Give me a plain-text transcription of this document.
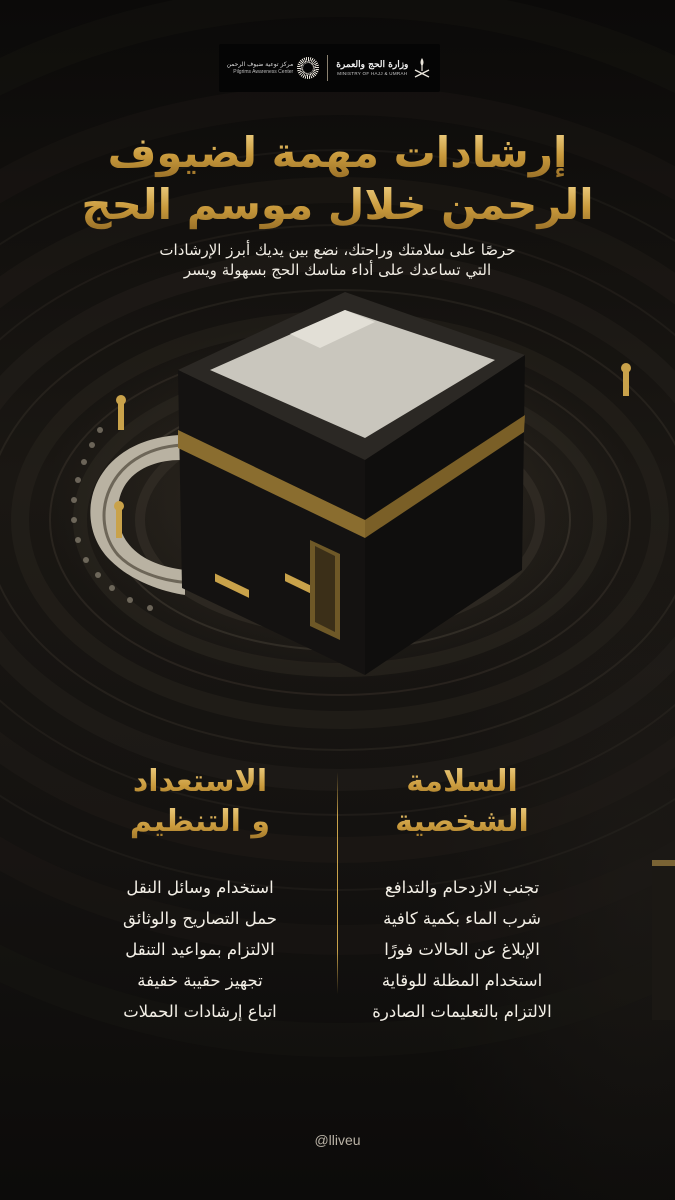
مركز توعية ضيوف الرحمن
Pilgrims Awareness Center
وزارة الحج والعمرة
MINISTRY OF HAJJ & UMRAH
إرشادات مهمة لضيوف
الرحمن خلال موسم الحج
حرصًا على سلامتك وراحتك، نضع بين يديك أبرز الإرشادات
التي تساعدك على أداء مناسك الحج بسهولة ويسر
السلامة
الشخصية
تجنب الازدحام والتدافع
شرب الماء بكمية كافية
الإبلاغ عن الحالات فورًا
استخدام المظلة للوقاية
الالتزام بالتعليمات الصادرة
الاستعداد
و التنظيم
استخدام وسائل النقل
حمل التصاريح والوثائق
الالتزام بمواعيد التنقل
تجهيز حقيبة خفيفة
اتباع إرشادات الحملات
@lliveu
